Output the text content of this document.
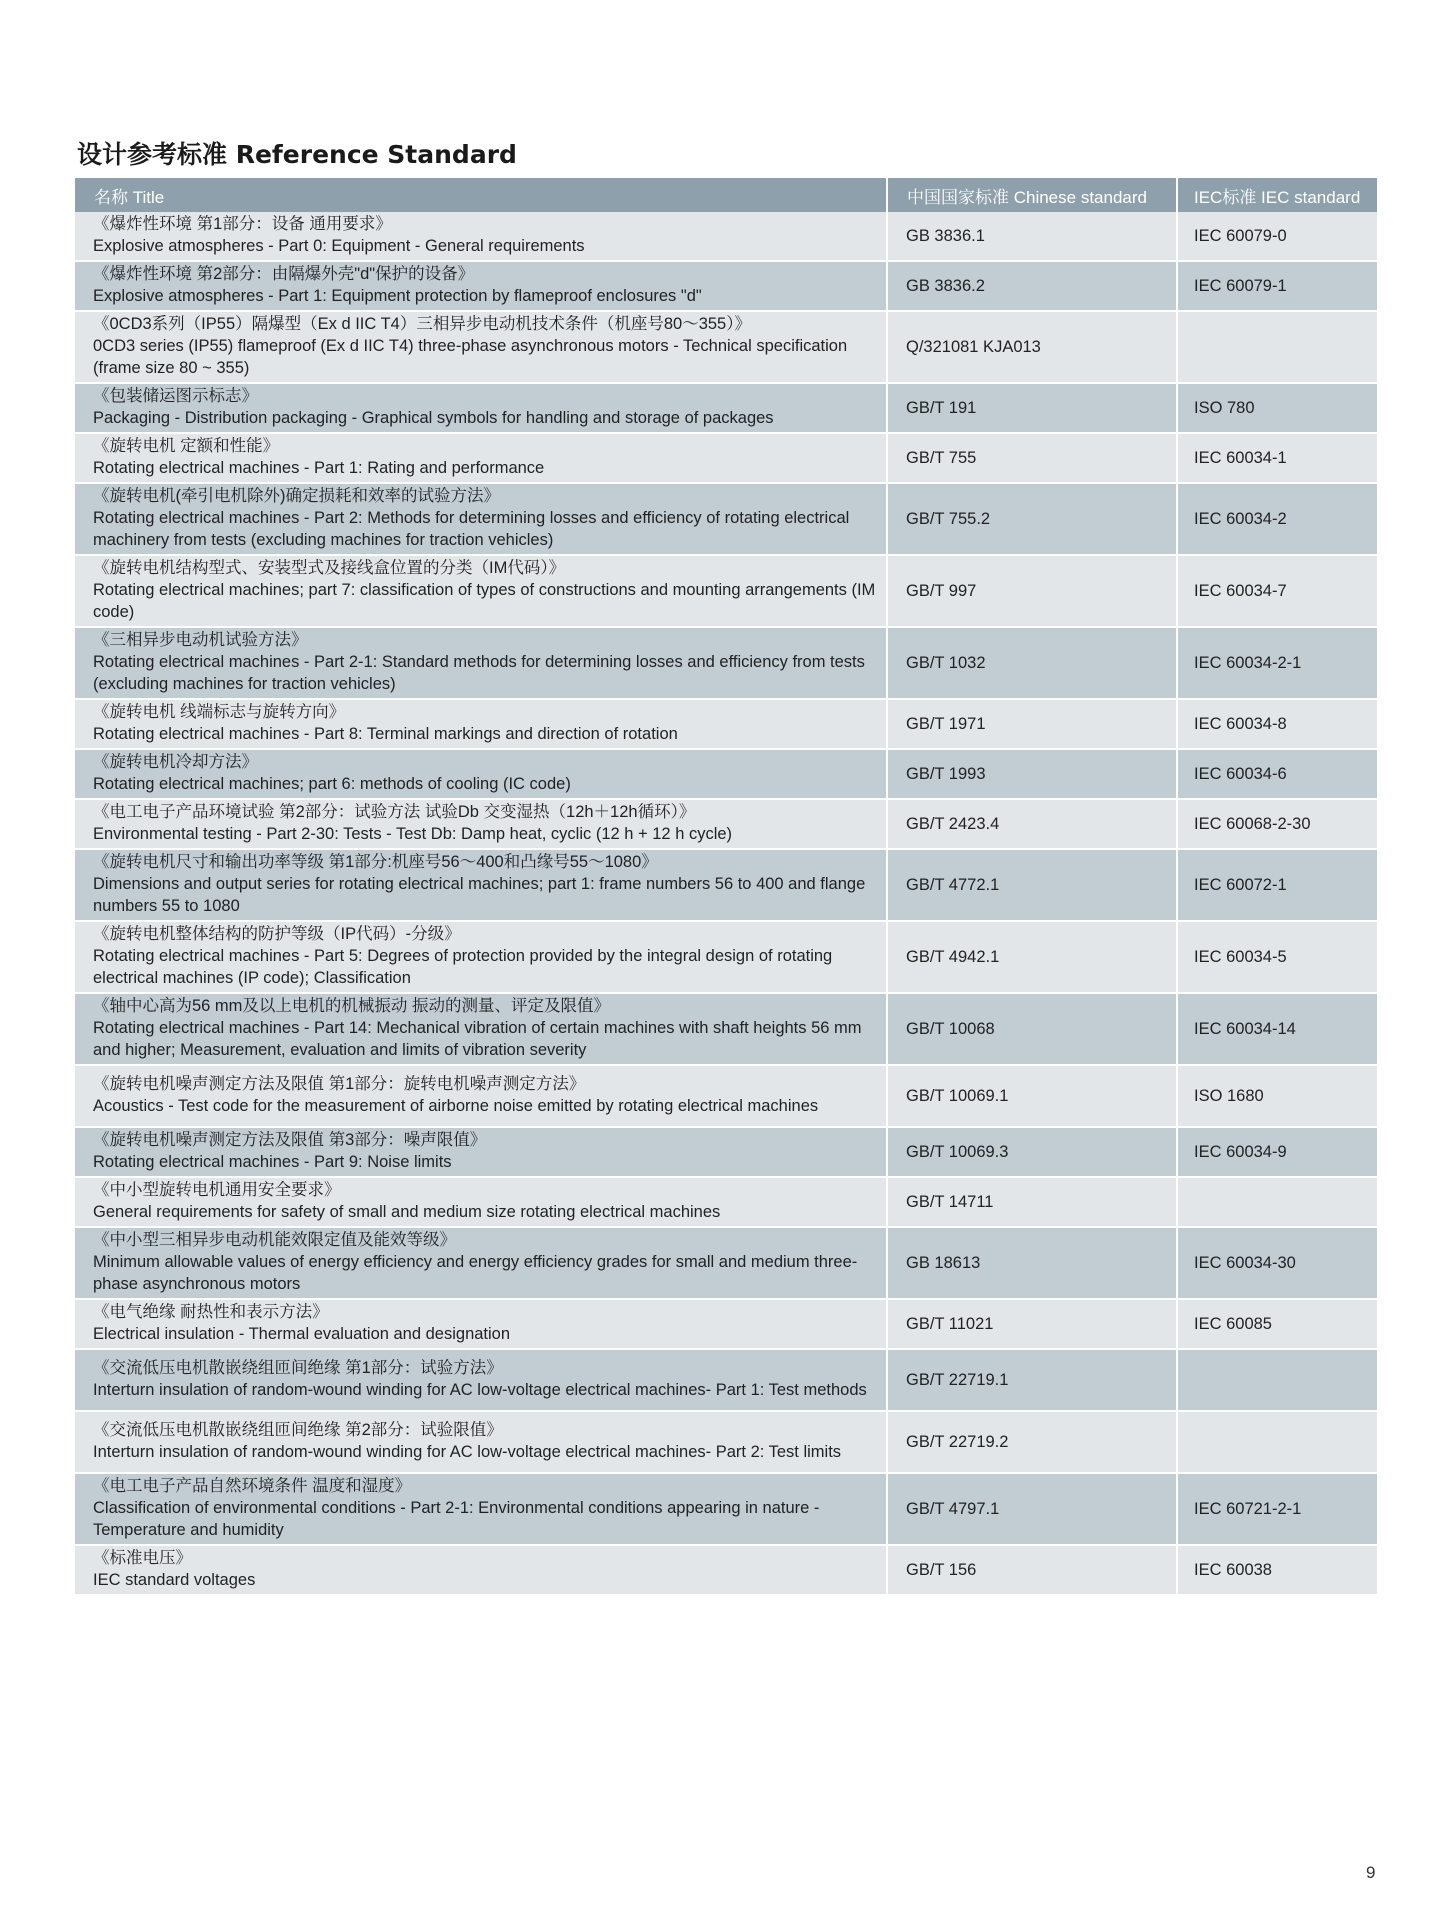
设计参考标准 Reference Standard
名称 Title	中国国家标准 Chinese standard	IEC标准 IEC standard

《爆炸性环境 第1部分：设备 通用要求》
Explosive atmospheres - Part 0: Equipment - General requirements	GB 3836.1	IEC 60079-0

《爆炸性环境 第2部分：由隔爆外壳"d"保护的设备》
Explosive atmospheres - Part 1: Equipment protection by flameproof enclosures "d"	GB 3836.2	IEC 60079-1

《0CD3系列（IP55）隔爆型（Ex d IIC T4）三相异步电动机技术条件（机座号80～355）》
0CD3 series (IP55) flameproof (Ex d IIC T4) three-phase asynchronous motors - Technical specification (frame size 80 ~ 355)	Q/321081 KJA013	

《包装储运图示标志》
Packaging - Distribution packaging - Graphical symbols for handling and storage of packages	GB/T 191	ISO 780

《旋转电机 定额和性能》
Rotating electrical machines - Part 1: Rating and performance	GB/T 755	IEC 60034-1

《旋转电机(牵引电机除外)确定损耗和效率的试验方法》
Rotating electrical machines - Part 2: Methods for determining losses and efficiency of rotating electrical machinery from tests (excluding machines for traction vehicles)	GB/T 755.2	IEC 60034-2

《旋转电机结构型式、安装型式及接线盒位置的分类（IM代码）》
Rotating electrical machines; part 7: classification of types of constructions and mounting arrangements (IM code)	GB/T 997	IEC 60034-7

《三相异步电动机试验方法》
Rotating electrical machines - Part 2-1: Standard methods for determining losses and efficiency from tests (excluding machines for traction vehicles)	GB/T 1032	IEC 60034-2-1

《旋转电机 线端标志与旋转方向》
Rotating electrical machines - Part 8: Terminal markings and direction of rotation	GB/T 1971	IEC 60034-8

《旋转电机冷却方法》
Rotating electrical machines; part 6: methods of cooling (IC code)	GB/T 1993	IEC 60034-6

《电工电子产品环境试验 第2部分：试验方法 试验Db 交变湿热（12h＋12h循环）》
Environmental testing - Part 2-30: Tests - Test Db: Damp heat, cyclic (12 h + 12 h cycle)	GB/T 2423.4	IEC 60068-2-30

《旋转电机尺寸和输出功率等级 第1部分:机座号56～400和凸缘号55～1080》
Dimensions and output series for rotating electrical machines; part 1: frame numbers 56 to 400 and flange numbers 55 to 1080	GB/T 4772.1	IEC 60072-1

《旋转电机整体结构的防护等级（IP代码）-分级》
Rotating electrical machines - Part 5: Degrees of protection provided by the integral design of rotating electrical machines (IP code); Classification	GB/T 4942.1	IEC 60034-5

《轴中心高为56 mm及以上电机的机械振动 振动的测量、评定及限值》
Rotating electrical machines - Part 14: Mechanical vibration of certain machines with shaft heights 56 mm and higher; Measurement, evaluation and limits of vibration severity	GB/T 10068	IEC 60034-14

《旋转电机噪声测定方法及限值 第1部分：旋转电机噪声测定方法》
Acoustics - Test code for the measurement of airborne noise emitted by rotating electrical machines	GB/T 10069.1	ISO 1680

《旋转电机噪声测定方法及限值 第3部分：噪声限值》
Rotating electrical machines - Part 9: Noise limits	GB/T 10069.3	IEC 60034-9

《中小型旋转电机通用安全要求》
General requirements for safety of small and medium size rotating electrical machines	GB/T 14711	

《中小型三相异步电动机能效限定值及能效等级》
Minimum allowable values of energy efficiency and energy efficiency grades for small and medium three-phase asynchronous motors	GB 18613	IEC 60034-30

《电气绝缘 耐热性和表示方法》
Electrical insulation - Thermal evaluation and designation	GB/T 11021	IEC 60085

《交流低压电机散嵌绕组匝间绝缘 第1部分：试验方法》
Interturn insulation of random-wound winding for AC low-voltage electrical machines- Part 1: Test methods	GB/T 22719.1	

《交流低压电机散嵌绕组匝间绝缘 第2部分：试验限值》
Interturn insulation of random-wound winding for AC low-voltage electrical machines- Part 2: Test limits	GB/T 22719.2	

《电工电子产品自然环境条件 温度和湿度》
Classification of environmental conditions - Part 2-1: Environmental conditions appearing in nature - Temperature and humidity	GB/T 4797.1	IEC 60721-2-1

《标准电压》
IEC standard voltages	GB/T 156	IEC 60038
9
